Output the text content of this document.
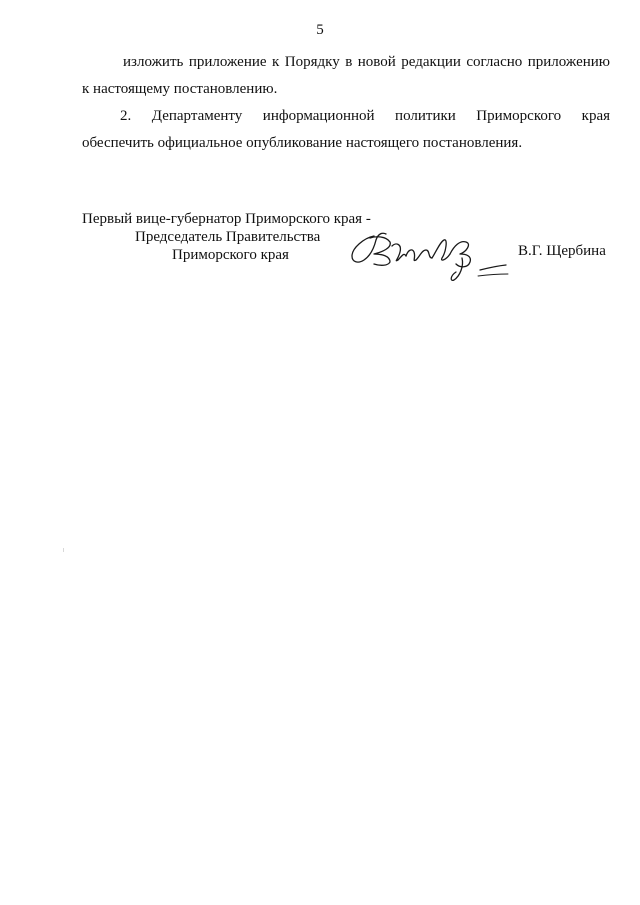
5
изложить приложение к Порядку в новой редакции согласно приложению
к настоящему постановлению.
2. Департаменту информационной политики Приморского края
обеспечить официальное опубликование настоящего постановления.
Первый вице-губернатор Приморского края -
Председатель Правительства
Приморского края	В.Г. Щербина
